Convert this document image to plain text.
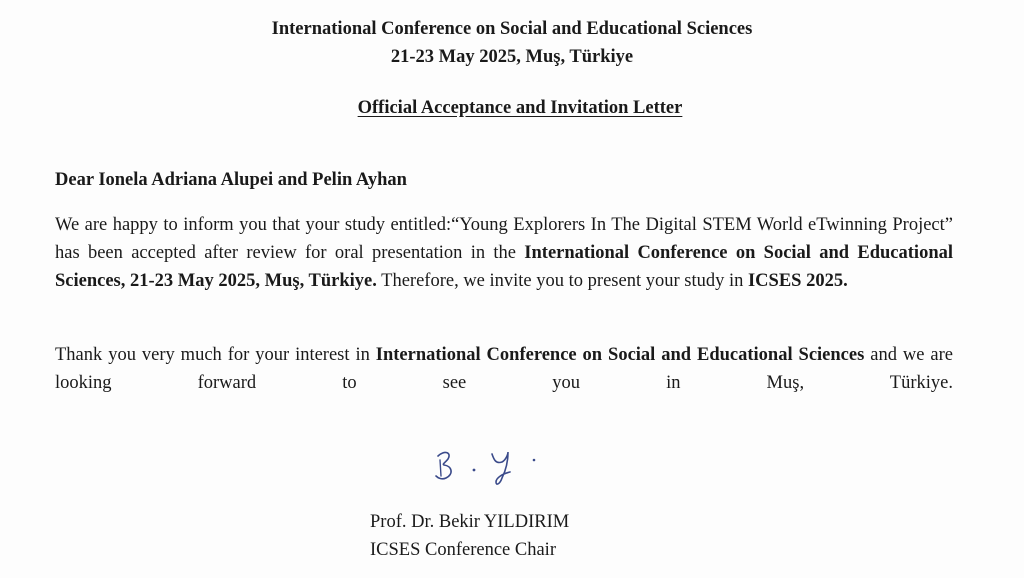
International Conference on Social and Educational Sciences
21-23 May 2025, Muş, Türkiye
Official Acceptance and Invitation Letter
Dear Ionela Adriana Alupei and Pelin Ayhan
We are happy to inform you that your study entitled:“Young Explorers In The Digital STEM World eTwinning Project” has been accepted after review for oral presentation in the International Conference on Social and Educational Sciences, 21-23 May 2025, Muş, Türkiye. Therefore, we invite you to present your study in ICSES 2025.
Thank you very much for your interest in International Conference on Social and Educational Sciences and we are looking forward to see you in Muş, Türkiye.
Prof. Dr. Bekir YILDIRIM
ICSES Conference Chair
